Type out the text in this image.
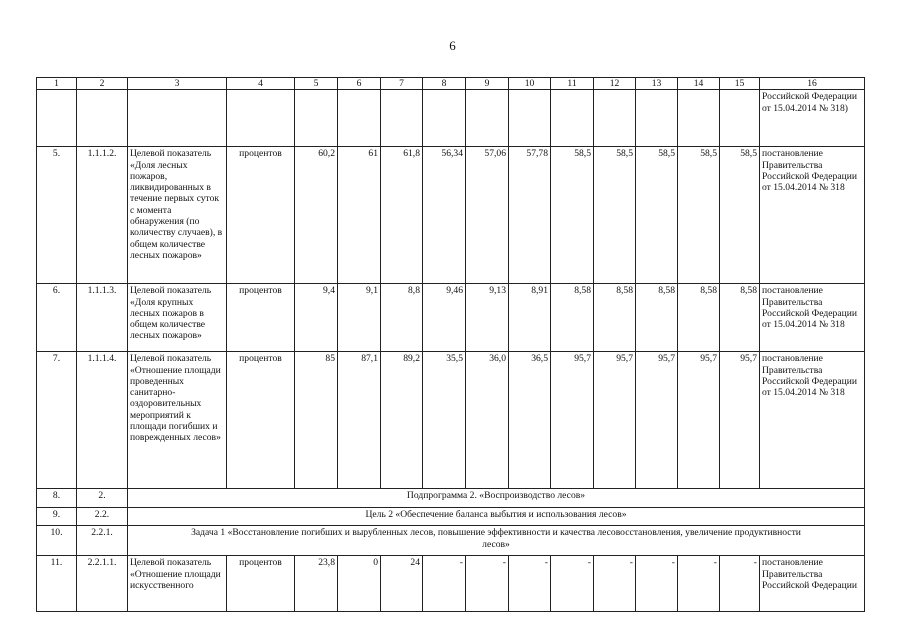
6
1	2	3	4	5	6	7	8	9	10	11	12	13	14	15	16
															Российской Федерации от 15.04.2014 № 318)
5.	1.1.1.2.	Целевой показатель «Доля лесных пожаров, ликвидированных в течение первых суток с момента обнаружения (по количеству случаев), в общем количестве лесных пожаров»	процентов	60,2	61	61,8	56,34	57,06	57,78	58,5	58,5	58,5	58,5	58,5	постановление Правительства Российской Федерации от 15.04.2014 № 318
6.	1.1.1.3.	Целевой показатель «Доля крупных лесных пожаров в общем количестве лесных пожаров»	процентов	9,4	9,1	8,8	9,46	9,13	8,91	8,58	8,58	8,58	8,58	8,58	постановление Правительства Российской Федерации от 15.04.2014 № 318
7.	1.1.1.4.	Целевой показатель «Отношение площади проведенных санитарно-оздоровительных мероприятий к площади погибших и поврежденных лесов»	процентов	85	87,1	89,2	35,5	36,0	36,5	95,7	95,7	95,7	95,7	95,7	постановление Правительства Российской Федерации от 15.04.2014 № 318
8.	2.	Подпрограмма 2. «Воспроизводство лесов»													
9.	2.2.	Цель 2 «Обеспечение баланса выбытия и использования лесов»													
10.	2.2.1.	Задача 1 «Восстановление погибших и вырубленных лесов, повышение эффективности и качества лесовосстановления, увеличение продуктивности лесов»													
11.	2.2.1.1.	Целевой показатель «Отношение площади искусственного	процентов	23,8	0	24	-	-	-	-	-	-	-	-	постановление Правительства Российской Федерации
